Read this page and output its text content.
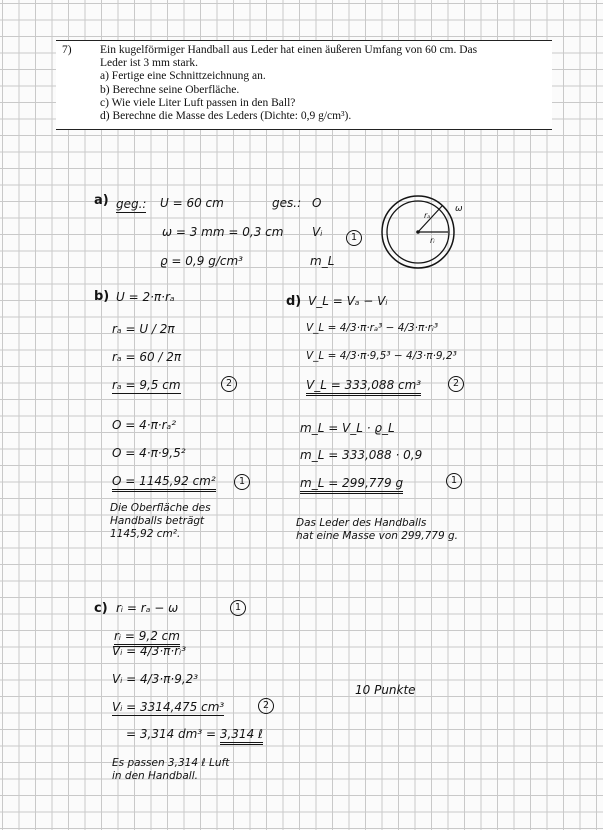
7) Ein kugelförmiger Handball aus Leder hat einen äußeren Umfang von 60 cm. Das
Leder ist 3 mm stark.
a) Fertige eine Schnittzeichnung an.
b) Berechne seine Oberfläche.
c) Wie viele Liter Luft passen in den Ball?
d) Berechne die Masse des Leders (Dichte: 0,9 g/cm³).
a) geg.: U = 60 cm
ω = 3 mm = 0,3 cm
ϱ = 0,9 g/cm³
ges.: O
Vᵢ
m_L
1
rₐ
rᵢ
ω
b) U = 2·π·rₐ
rₐ = U / 2π
rₐ = 60 / 2π
rₐ = 9,5 cm	2
O = 4·π·rₐ²
O = 4·π·9,5²
O = 1145,92 cm²	1
Die Oberfläche des
Handballs beträgt
1145,92 cm².
d) V_L = Vₐ − Vᵢ
V_L = 4/3·π·rₐ³ − 4/3·π·rᵢ³
V_L = 4/3·π·9,5³ − 4/3·π·9,2³
V_L = 333,088 cm³	2
m_L = V_L · ϱ_L
m_L = 333,088 · 0,9
m_L = 299,779 g	1
Das Leder des Handballs
hat eine Masse von 299,779 g.
c) rᵢ = rₐ − ω
rᵢ = 9,2 cm
1
Vᵢ = 4/3·π·rᵢ³
Vᵢ = 4/3·π·9,2³
Vᵢ = 3314,475 cm³	2
= 3,314 dm³ = 3,314 ℓ
Es passen 3,314 ℓ Luft
in den Handball.
10 Punkte
